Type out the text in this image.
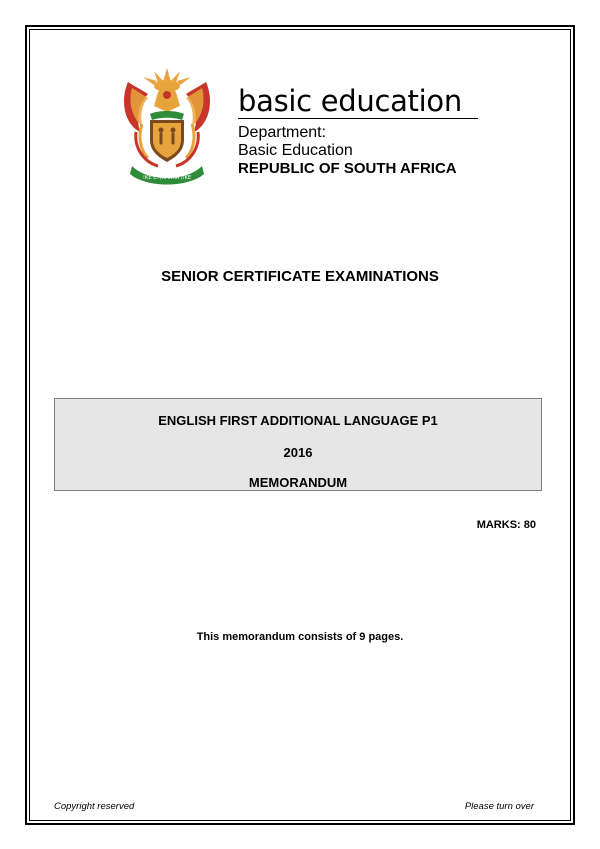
!KE E: /XARRA //KE
basic education
Department:
Basic Education
REPUBLIC OF SOUTH AFRICA
SENIOR CERTIFICATE EXAMINATIONS
ENGLISH FIRST ADDITIONAL LANGUAGE P1
2016
MEMORANDUM
MARKS: 80
This memorandum consists of 9 pages.
Copyright reserved	Please turn over
